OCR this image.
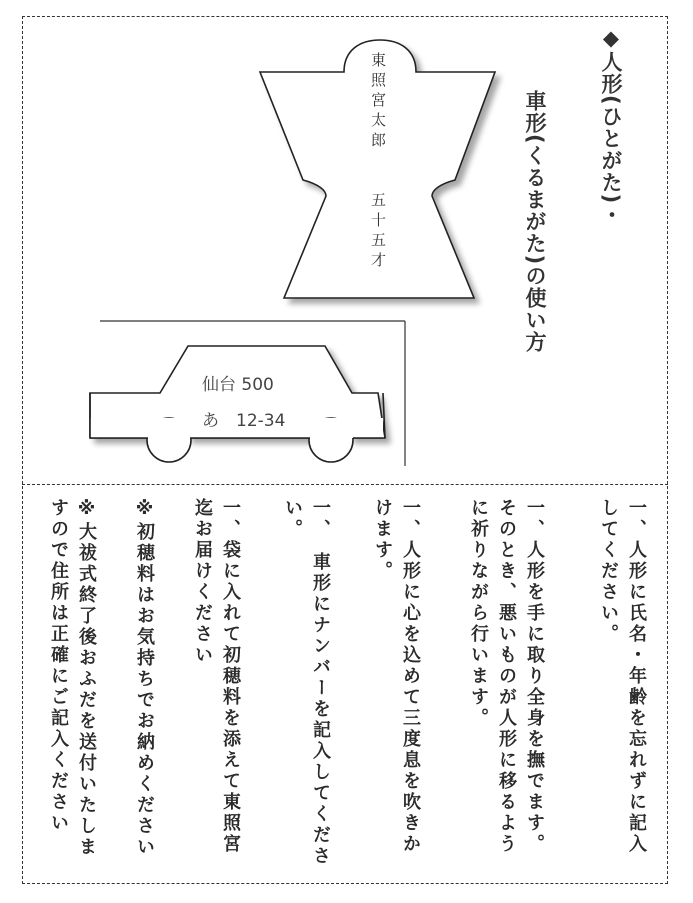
◆人形(ひとがた)・
車形(くるまがた)の使い方
東照宮太郎
五十五才
仙台 500
あ　12-34
一、人形に氏名・年齢を忘れずに記入してください。
一、人形を手に取り全身を撫でます。そのとき、悪いものが人形に移るように祈りながら行います。
一、人形に心を込めて三度息を吹きかけます。
一、　車形にナンバーを記入してください。
一、袋に入れて初穂料を添えて東照宮迄お届けください
※初穂料はお気持ちでお納めください
※大祓式終了後おふだを送付いたしますので住所は正確にご記入ください
